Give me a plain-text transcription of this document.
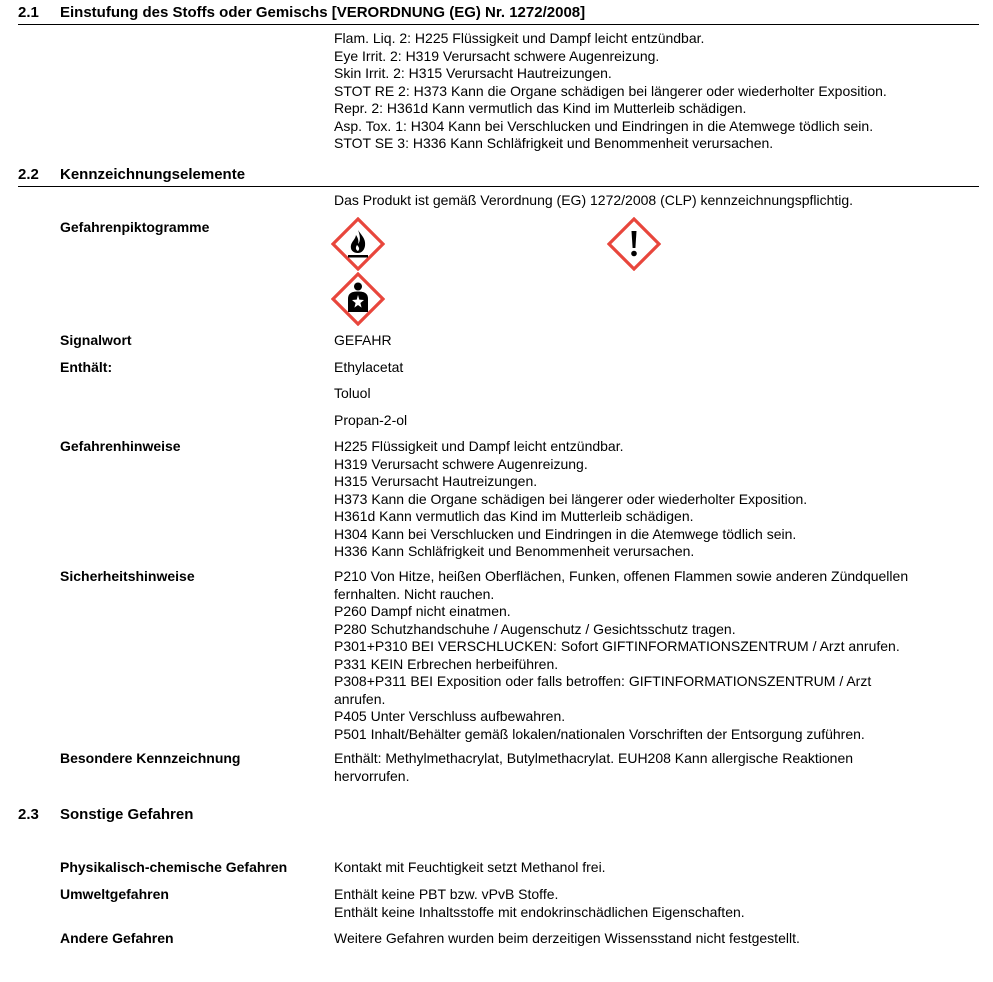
2.1 Einstufung des Stoffs oder Gemischs [VERORDNUNG (EG) Nr. 1272/2008]
Flam. Liq. 2: H225 Flüssigkeit und Dampf leicht entzündbar.
Eye Irrit. 2: H319 Verursacht schwere Augenreizung.
Skin Irrit. 2: H315 Verursacht Hautreizungen.
STOT RE 2: H373 Kann die Organe schädigen bei längerer oder wiederholter Exposition.
Repr. 2: H361d Kann vermutlich das Kind im Mutterleib schädigen.
Asp. Tox. 1: H304 Kann bei Verschlucken und Eindringen in die Atemwege tödlich sein.
STOT SE 3: H336 Kann Schläfrigkeit und Benommenheit verursachen.
2.2 Kennzeichnungselemente
Das Produkt ist gemäß Verordnung (EG) 1272/2008 (CLP) kennzeichnungspflichtig.
Gefahrenpiktogramme
Signalwort	GEFAHR
Enthält:	Ethylacetat
Toluol
Propan-2-ol
Gefahrenhinweise	H225 Flüssigkeit und Dampf leicht entzündbar.
H319 Verursacht schwere Augenreizung.
H315 Verursacht Hautreizungen.
H373 Kann die Organe schädigen bei längerer oder wiederholter Exposition.
H361d Kann vermutlich das Kind im Mutterleib schädigen.
H304 Kann bei Verschlucken und Eindringen in die Atemwege tödlich sein.
H336 Kann Schläfrigkeit und Benommenheit verursachen.
Sicherheitshinweise	P210 Von Hitze, heißen Oberflächen, Funken, offenen Flammen sowie anderen Zündquellen
fernhalten. Nicht rauchen.
P260 Dampf nicht einatmen.
P280 Schutzhandschuhe / Augenschutz / Gesichtsschutz tragen.
P301+P310 BEI VERSCHLUCKEN: Sofort GIFTINFORMATIONSZENTRUM / Arzt anrufen.
P331 KEIN Erbrechen herbeiführen.
P308+P311 BEI Exposition oder falls betroffen: GIFTINFORMATIONSZENTRUM / Arzt
anrufen.
P405 Unter Verschluss aufbewahren.
P501 Inhalt/Behälter gemäß lokalen/nationalen Vorschriften der Entsorgung zuführen.
Besondere Kennzeichnung	Enthält: Methylmethacrylat, Butylmethacrylat. EUH208 Kann allergische Reaktionen
hervorrufen.
2.3 Sonstige Gefahren
Physikalisch-chemische Gefahren	Kontakt mit Feuchtigkeit setzt Methanol frei.
Umweltgefahren	Enthält keine PBT bzw. vPvB Stoffe.
Enthält keine Inhaltsstoffe mit endokrinschädlichen Eigenschaften.
Andere Gefahren	Weitere Gefahren wurden beim derzeitigen Wissensstand nicht festgestellt.
